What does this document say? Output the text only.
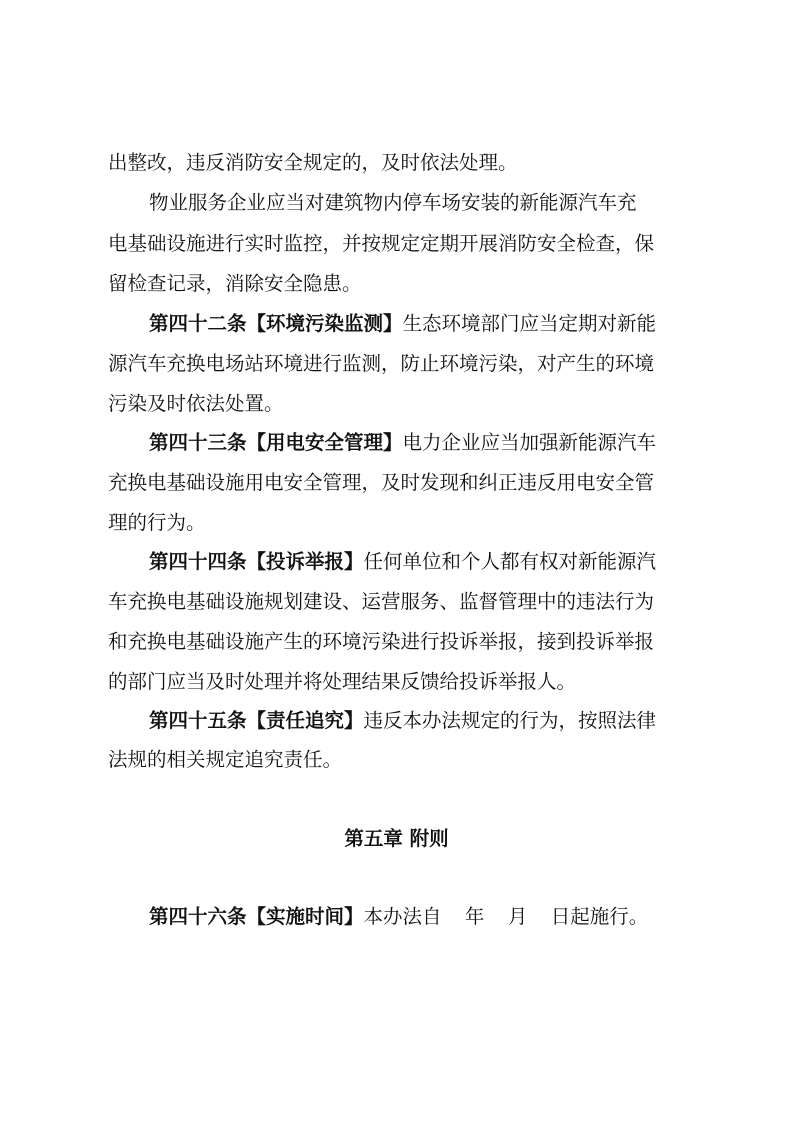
出整改，违反消防安全规定的，及时依法处理。
物业服务企业应当对建筑物内停车场安装的新能源汽车充
电基础设施进行实时监控，并按规定定期开展消防安全检查，保
留检查记录，消除安全隐患。
第四十二条【环境污染监测】生态环境部门应当定期对新能
源汽车充换电场站环境进行监测，防止环境污染，对产生的环境
污染及时依法处置。
第四十三条【用电安全管理】电力企业应当加强新能源汽车
充换电基础设施用电安全管理，及时发现和纠正违反用电安全管
理的行为。
第四十四条【投诉举报】任何单位和个人都有权对新能源汽
车充换电基础设施规划建设、运营服务、监督管理中的违法行为
和充换电基础设施产生的环境污染进行投诉举报，接到投诉举报
的部门应当及时处理并将处理结果反馈给投诉举报人。
第四十五条【责任追究】违反本办法规定的行为，按照法律
法规的相关规定追究责任。
第五章 附则
第四十六条【实施时间】本办法自 年 月 日起施行。
